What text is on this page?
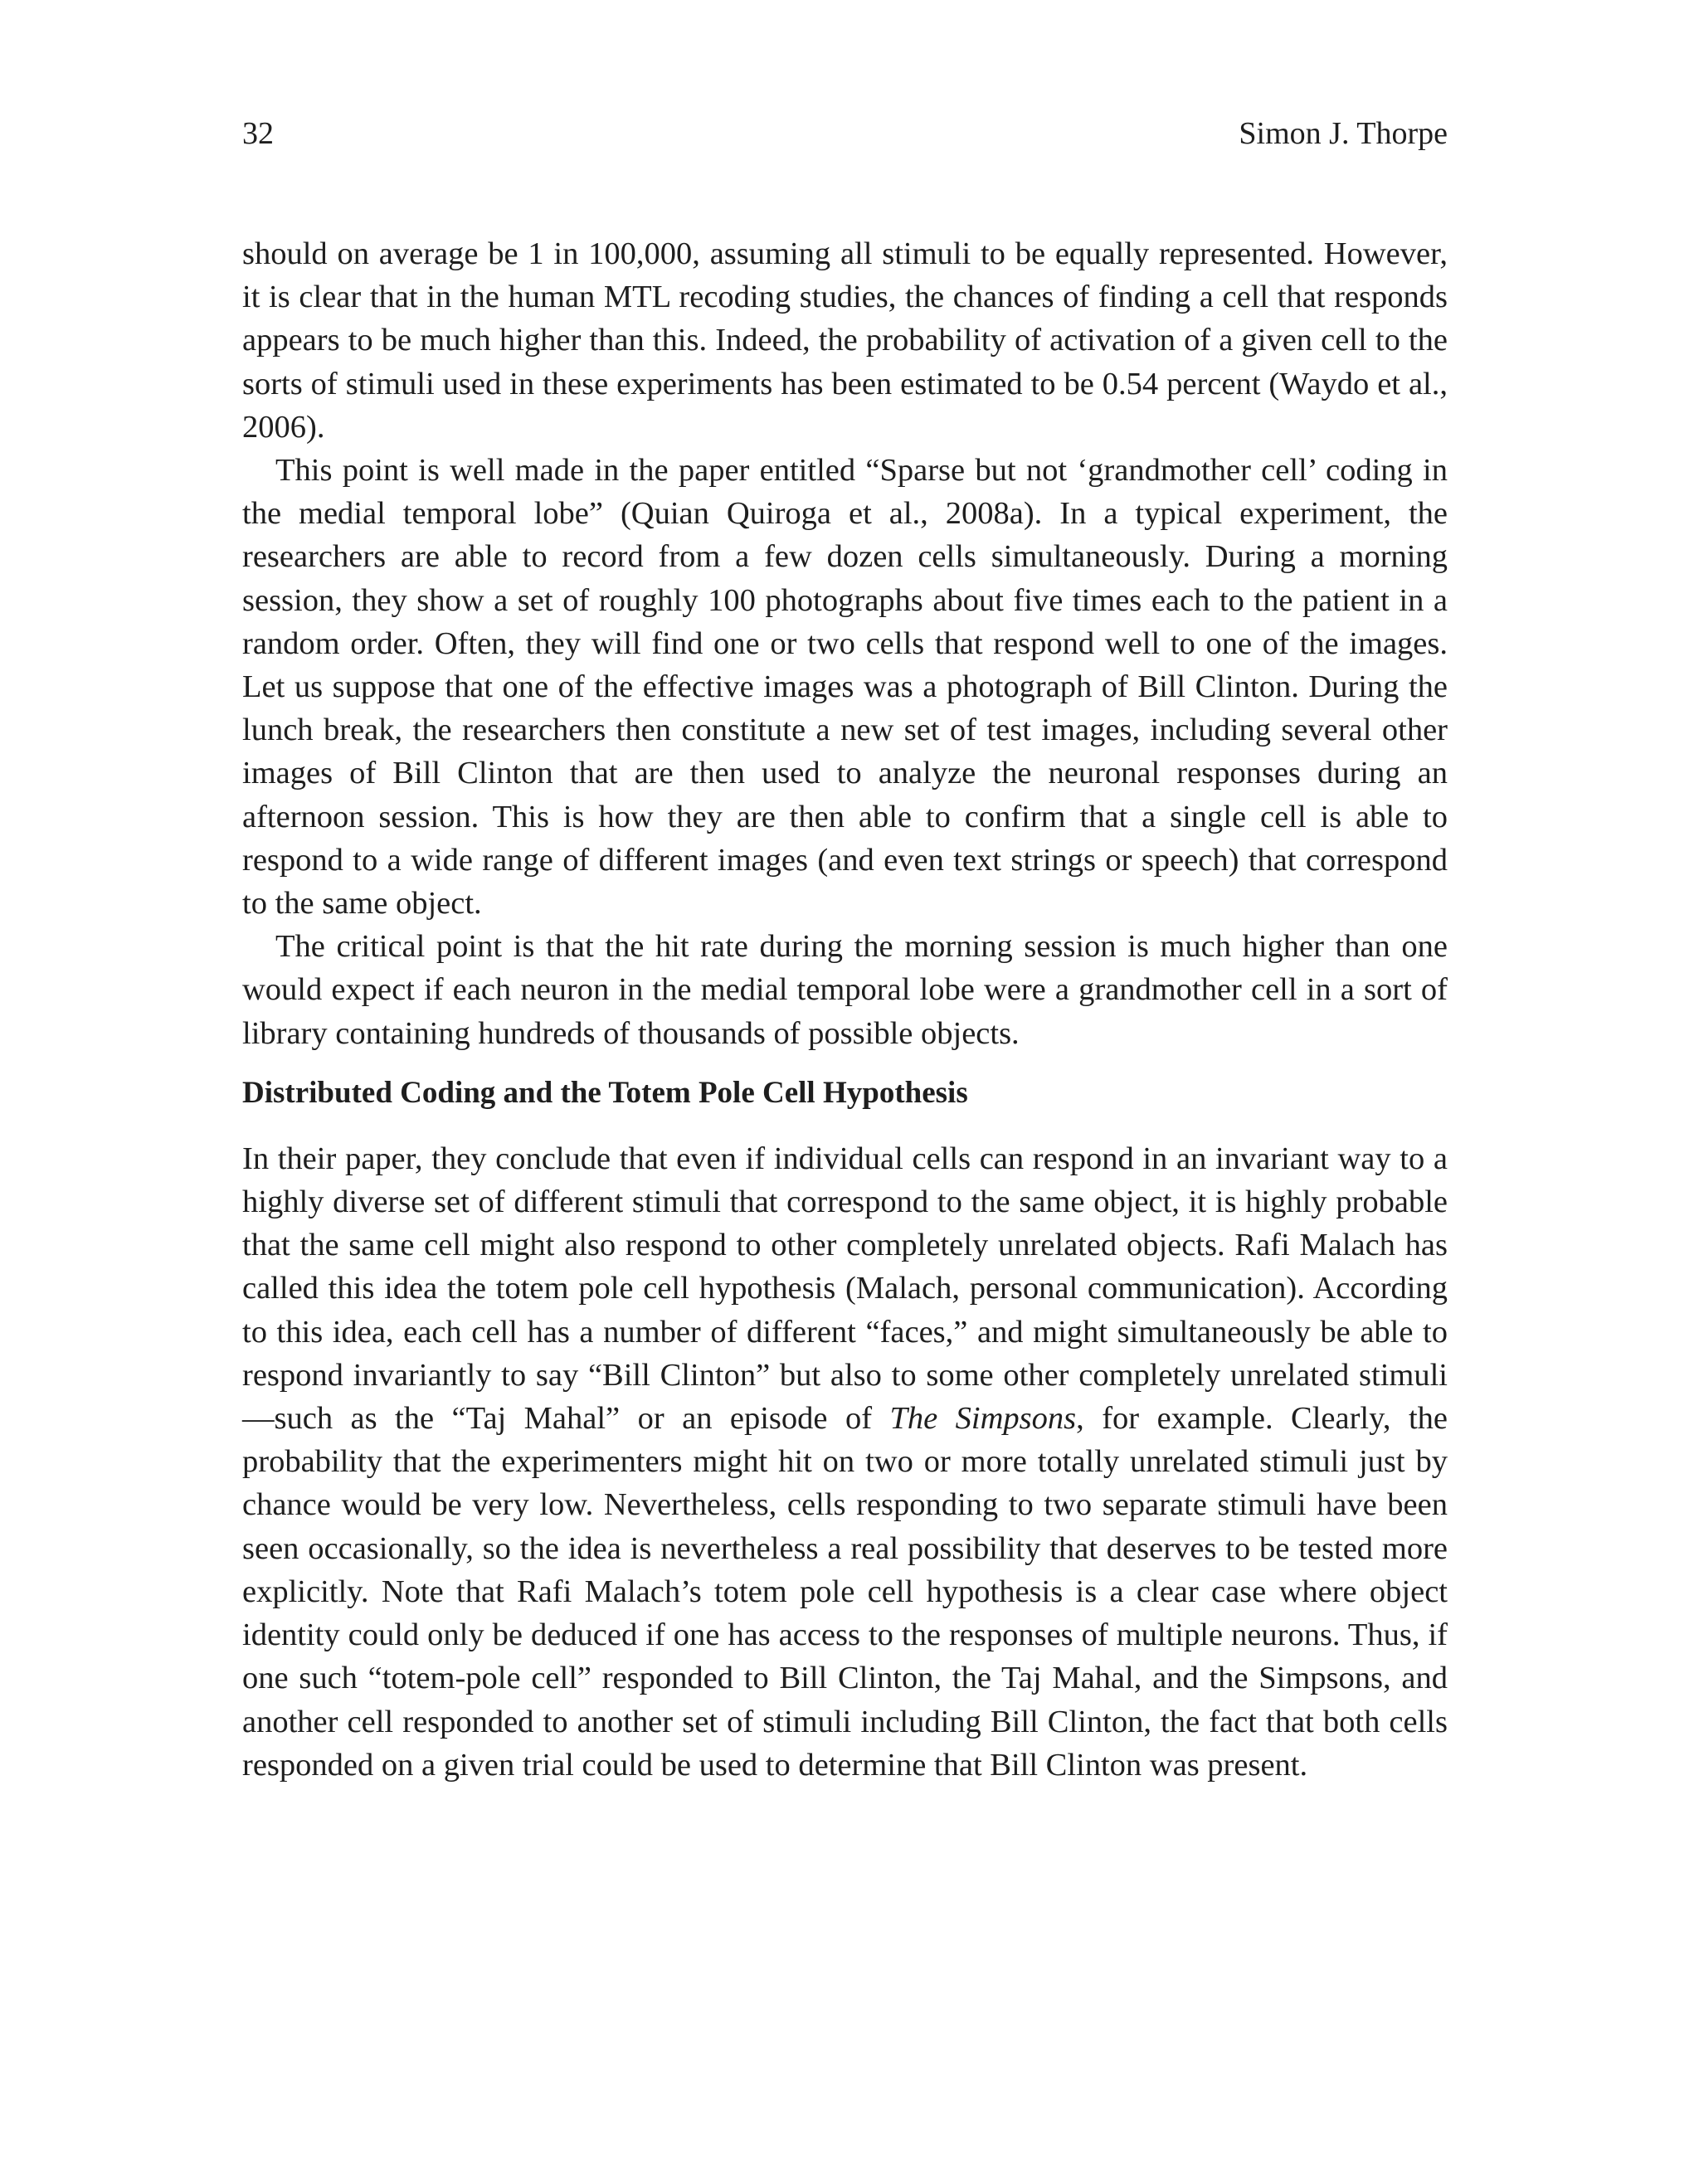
32	Simon J. Thorpe

should on average be 1 in 100,000, assuming all stimuli to be equally represented. However, it is clear that in the human MTL recoding studies, the chances of finding a cell that responds appears to be much higher than this. Indeed, the probability of activation of a given cell to the sorts of stimuli used in these experiments has been estimated to be 0.54 percent (Waydo et al., 2006).

This point is well made in the paper entitled “Sparse but not ‘grandmother cell’ coding in the medial temporal lobe” (Quian Quiroga et al., 2008a). In a typical experiment, the researchers are able to record from a few dozen cells simultaneously. During a morning session, they show a set of roughly 100 photographs about five times each to the patient in a random order. Often, they will find one or two cells that respond well to one of the images. Let us suppose that one of the effective images was a photograph of Bill Clinton. During the lunch break, the researchers then constitute a new set of test images, including several other images of Bill Clinton that are then used to analyze the neuronal responses during an afternoon session. This is how they are then able to confirm that a single cell is able to respond to a wide range of different images (and even text strings or speech) that correspond to the same object.

The critical point is that the hit rate during the morning session is much higher than one would expect if each neuron in the medial temporal lobe were a grandmother cell in a sort of library containing hundreds of thousands of possible objects.

Distributed Coding and the Totem Pole Cell Hypothesis

In their paper, they conclude that even if individual cells can respond in an invariant way to a highly diverse set of different stimuli that correspond to the same object, it is highly probable that the same cell might also respond to other completely unrelated objects. Rafi Malach has called this idea the totem pole cell hypothesis (Malach, personal communication). According to this idea, each cell has a number of different “faces,” and might simultaneously be able to respond invariantly to say “Bill Clinton” but also to some other completely unrelated stimuli—such as the “Taj Mahal” or an episode of The Simpsons, for example. Clearly, the probability that the experimenters might hit on two or more totally unrelated stimuli just by chance would be very low. Nevertheless, cells responding to two separate stimuli have been seen occasionally, so the idea is nevertheless a real possibility that deserves to be tested more explicitly. Note that Rafi Malach’s totem pole cell hypothesis is a clear case where object identity could only be deduced if one has access to the responses of multiple neurons. Thus, if one such “totem-pole cell” responded to Bill Clinton, the Taj Mahal, and the Simpsons, and another cell responded to another set of stimuli including Bill Clinton, the fact that both cells responded on a given trial could be used to determine that Bill Clinton was present.
